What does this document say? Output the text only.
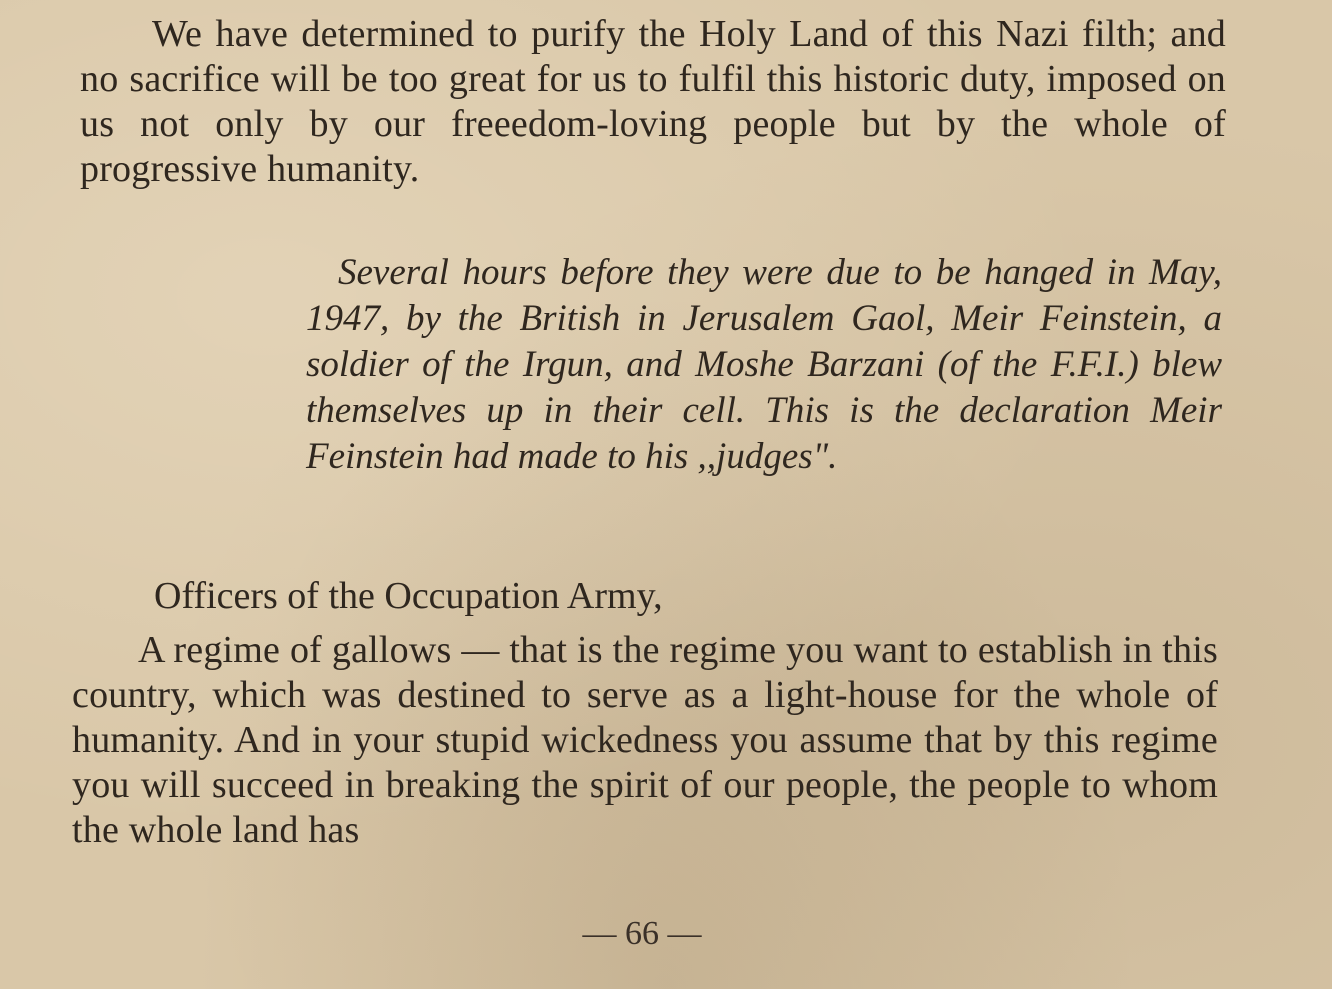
We have determined to purify the Holy Land of this Nazi filth; and no sacrifice will be too great for us to fulfil this historic duty, imposed on us not only by our freeedom-loving people but by the whole of progressive humanity.

Several hours before they were due to be hanged in May, 1947, by the British in Jerusalem Gaol, Meir Feinstein, a soldier of the Irgun, and Moshe Barzani (of the F.F.I.) blew themselves up in their cell. This is the declaration Meir Feinstein had made to his ,,judges".

Officers of the Occupation Army,

A regime of gallows — that is the regime you want to establish in this country, which was destined to serve as a light-house for the whole of humanity. And in your stupid wickedness you assume that by this regime you will succeed in breaking the spirit of our people, the people to whom the whole land has

— 66 —
